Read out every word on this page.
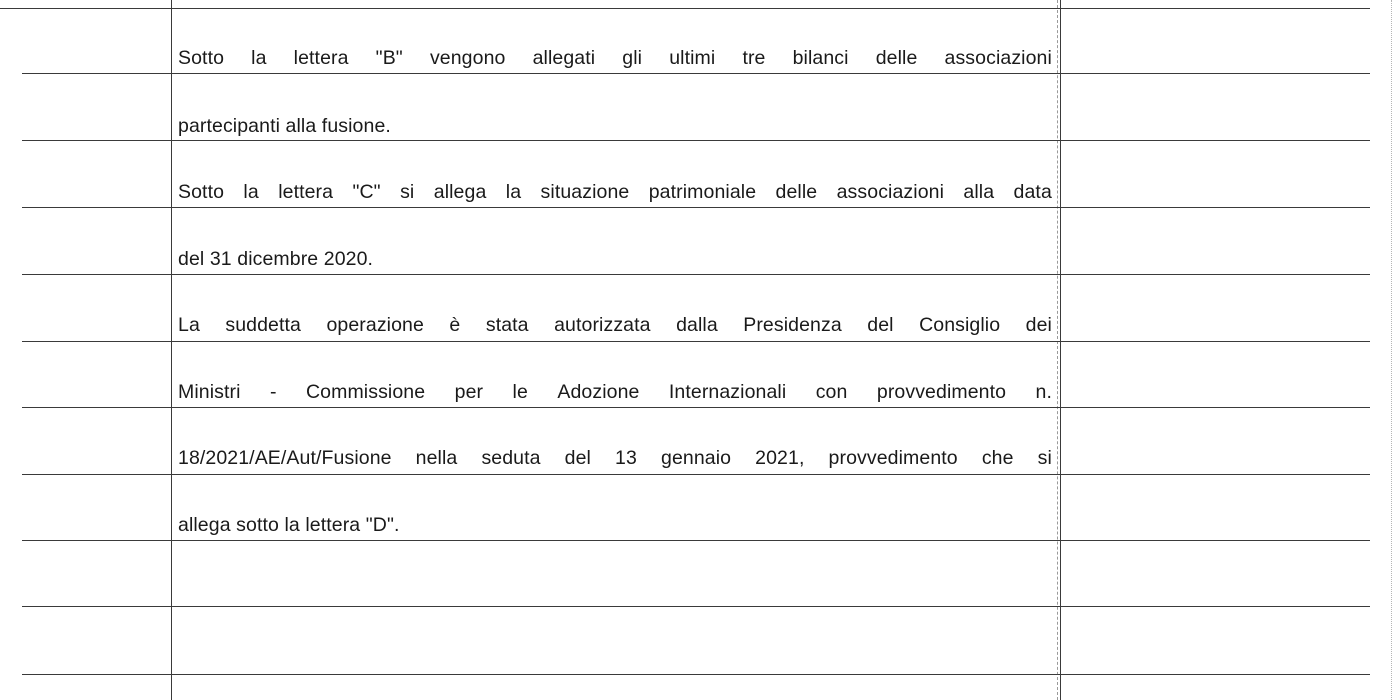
Sotto la lettera "B" vengono allegati gli ultimi tre bilanci delle associazioni
partecipanti alla fusione.
Sotto la lettera "C" si allega la situazione patrimoniale delle associazioni alla data
del 31 dicembre 2020.
La suddetta operazione è stata autorizzata dalla Presidenza del Consiglio dei
Ministri - Commissione per le Adozione Internazionali con provvedimento n.
18/2021/AE/Aut/Fusione nella seduta del 13 gennaio 2021, provvedimento che si
allega sotto la lettera "D".
